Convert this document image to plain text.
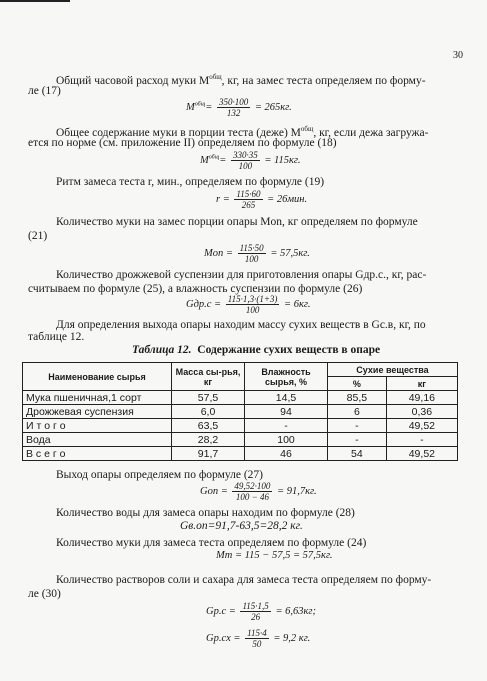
30
Общий часовой расход муки $M^{общ}$, кг, на замес теста определяем по форму-
ле (17)
$M^{общ}= \frac{350\cdot 100}{132} = 265кг$.
Общее содержание муки в порции теста (деже) $M^{общ}$, кг, если дежа загружа-
ется по норме (см. приложение II) определяем по формуле (18)
$M^{общ}= \frac{330\cdot 35}{100} = 115кг$.
Ритм замеса теста r, мин., определяем по формуле (19)
$r = \frac{115\cdot 60}{265} = 26мин$.
Количество муки на замес порции опары Mon, кг определяем по формуле
(21)
Mon = $\frac{115\cdot 50}{100} = 57,5кг$.
Количество дрожжевой суспензии для приготовления опары Gдр.с., кг, рас-
считываем по формуле (25), а влажность суспензии по формуле (26)
$Gдр.с = \frac{115\cdot 1,3\cdot(1+3)}{100} = 6кг$.
Для определения выхода опары находим массу сухих веществ в Gс.в, кг, по
таблице 12.
Таблица 12. Содержание сухих веществ в опаре
Наименование сырья	Масса сы-рья, кг	Влажность сырья, %	Сухие вещества	
			%	кг
Мука пшеничная,1 сорт	57,5	14,5	85,5	49,16
Дрожжевая суспензия	6,0	94	6	0,36
И т о г о	63,5	-	-	49,52
Вода	28,2	100	-	-
В с е г о	91,7	46	54	49,52
Выход опары определяем по формуле (27)
Gon = $\frac{49,52\cdot 100}{100 - 46} = 91,7кг$.
Количество воды для замеса опары находим по формуле (28)
Gв.on=91,7-63,5=28,2 кг.
Количество муки для замеса теста определяем по формуле (24)
Mm = 115 − 57,5 = 57,5кг.
Количество растворов соли и сахара для замеса теста определяем по форму-
ле (30)
$Gp.c = \frac{115\cdot 1,5}{26} = 6,63кг$;
$Gp.cx = \frac{115\cdot 4}{50} = 9,2$ кг.
